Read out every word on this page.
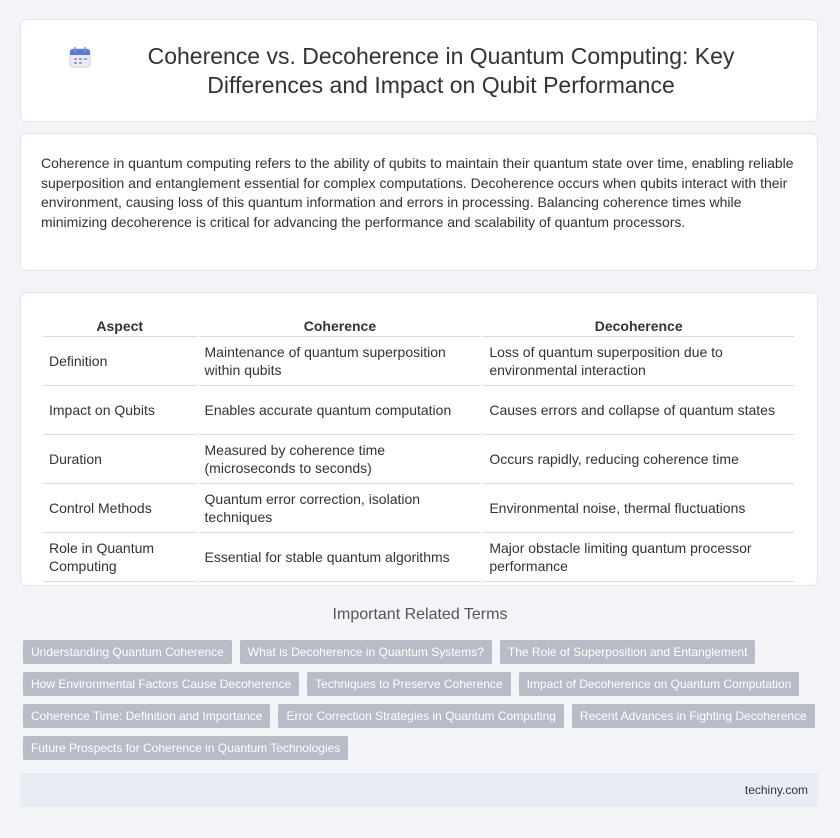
Coherence vs. Decoherence in Quantum Computing: Key Differences and Impact on Qubit Performance

Coherence in quantum computing refers to the ability of qubits to maintain their quantum state over time, enabling reliable superposition and entanglement essential for complex computations. Decoherence occurs when qubits interact with their environment, causing loss of this quantum information and errors in processing. Balancing coherence times while minimizing decoherence is critical for advancing the performance and scalability of quantum processors.

Aspect	Coherence	Decoherence
Definition	Maintenance of quantum superposition within qubits	Loss of quantum superposition due to environmental interaction
Impact on Qubits	Enables accurate quantum computation	Causes errors and collapse of quantum states
Duration	Measured by coherence time (microseconds to seconds)	Occurs rapidly, reducing coherence time
Control Methods	Quantum error correction, isolation techniques	Environmental noise, thermal fluctuations
Role in Quantum Computing	Essential for stable quantum algorithms	Major obstacle limiting quantum processor performance
Important Related Terms
Understanding Quantum Coherence	What is Decoherence in Quantum Systems?	The Role of Superposition and Entanglement
How Environmental Factors Cause Decoherence	Techniques to Preserve Coherence	Impact of Decoherence on Quantum Computation
Coherence Time: Definition and Importance	Error Correction Strategies in Quantum Computing	Recent Advances in Fighting Decoherence
Future Prospects for Coherence in Quantum Technologies
techiny.com
